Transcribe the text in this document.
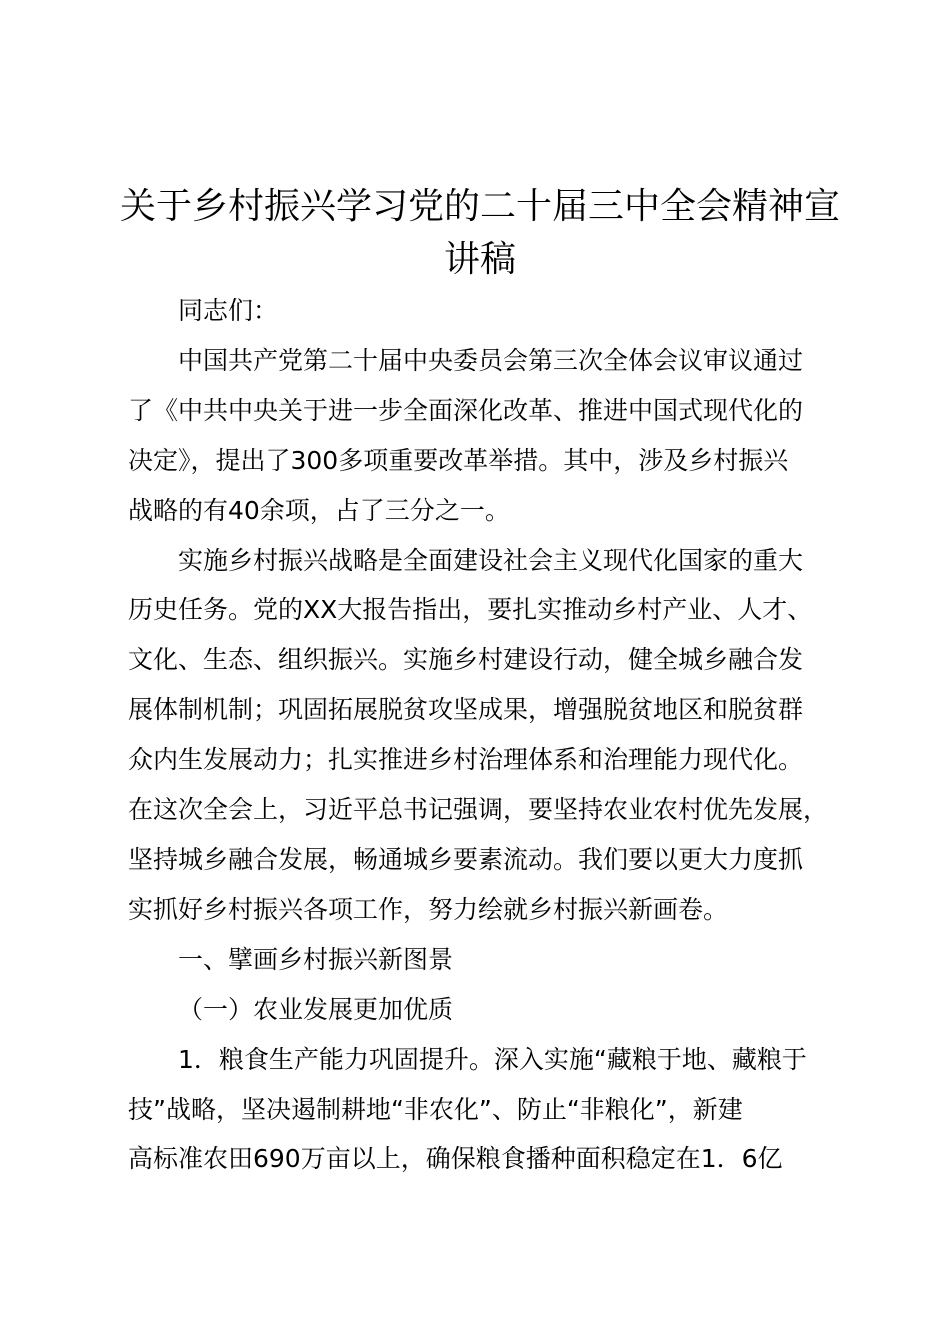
关于乡村振兴学习党的二十届三中全会精神宣
讲稿

同志们：

中国共产党第二十届中央委员会第三次全体会议审议通过
了《中共中央关于进一步全面深化改革、推进中国式现代化的
决定》，提出了300多项重要改革举措。其中，涉及乡村振兴
战略的有40余项，占了三分之一。

实施乡村振兴战略是全面建设社会主义现代化国家的重大
历史任务。党的XX大报告指出，要扎实推动乡村产业、人才、
文化、生态、组织振兴。实施乡村建设行动，健全城乡融合发
展体制机制；巩固拓展脱贫攻坚成果，增强脱贫地区和脱贫群
众内生发展动力；扎实推进乡村治理体系和治理能力现代化。
在这次全会上，习近平总书记强调，要坚持农业农村优先发展，
坚持城乡融合发展，畅通城乡要素流动。我们要以更大力度抓
实抓好乡村振兴各项工作，努力绘就乡村振兴新画卷。

一、擘画乡村振兴新图景

（一）农业发展更加优质

1．粮食生产能力巩固提升。深入实施“藏粮于地、藏粮于
技”战略，坚决遏制耕地“非农化”、防止“非粮化”，新建
高标准农田690万亩以上，确保粮食播种面积稳定在1．6亿
